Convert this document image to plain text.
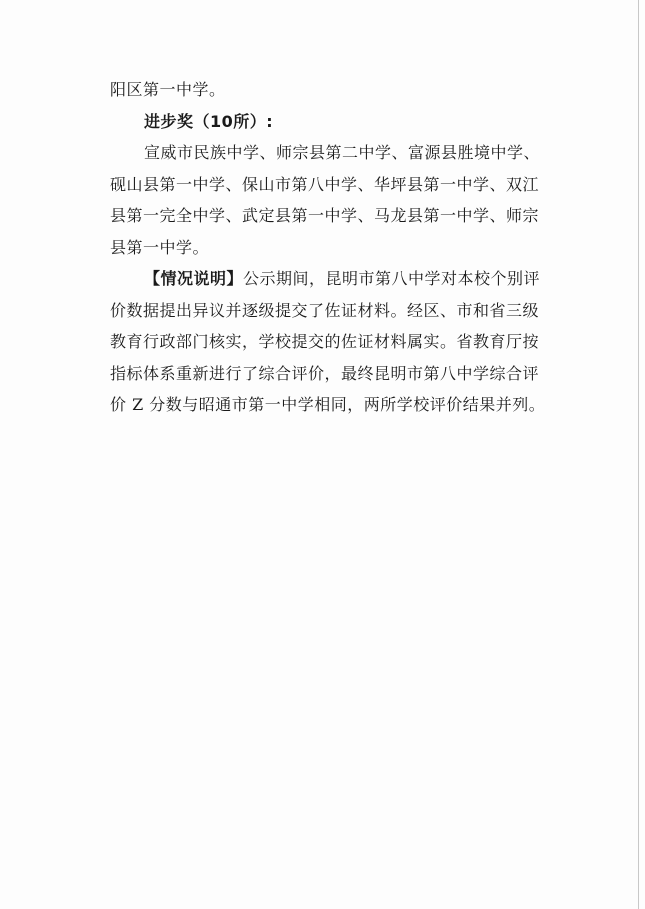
阳区第一中学。
进步奖（10所）:
宣威市民族中学、师宗县第二中学、富源县胜境中学、
砚山县第一中学、保山市第八中学、华坪县第一中学、双江
县第一完全中学、武定县第一中学、马龙县第一中学、师宗
县第一中学。
【情况说明】公示期间，昆明市第八中学对本校个别评
价数据提出异议并逐级提交了佐证材料。经区、市和省三级
教育行政部门核实，学校提交的佐证材料属实。省教育厅按
指标体系重新进行了综合评价，最终昆明市第八中学综合评
价 Z 分数与昭通市第一中学相同，两所学校评价结果并列。
